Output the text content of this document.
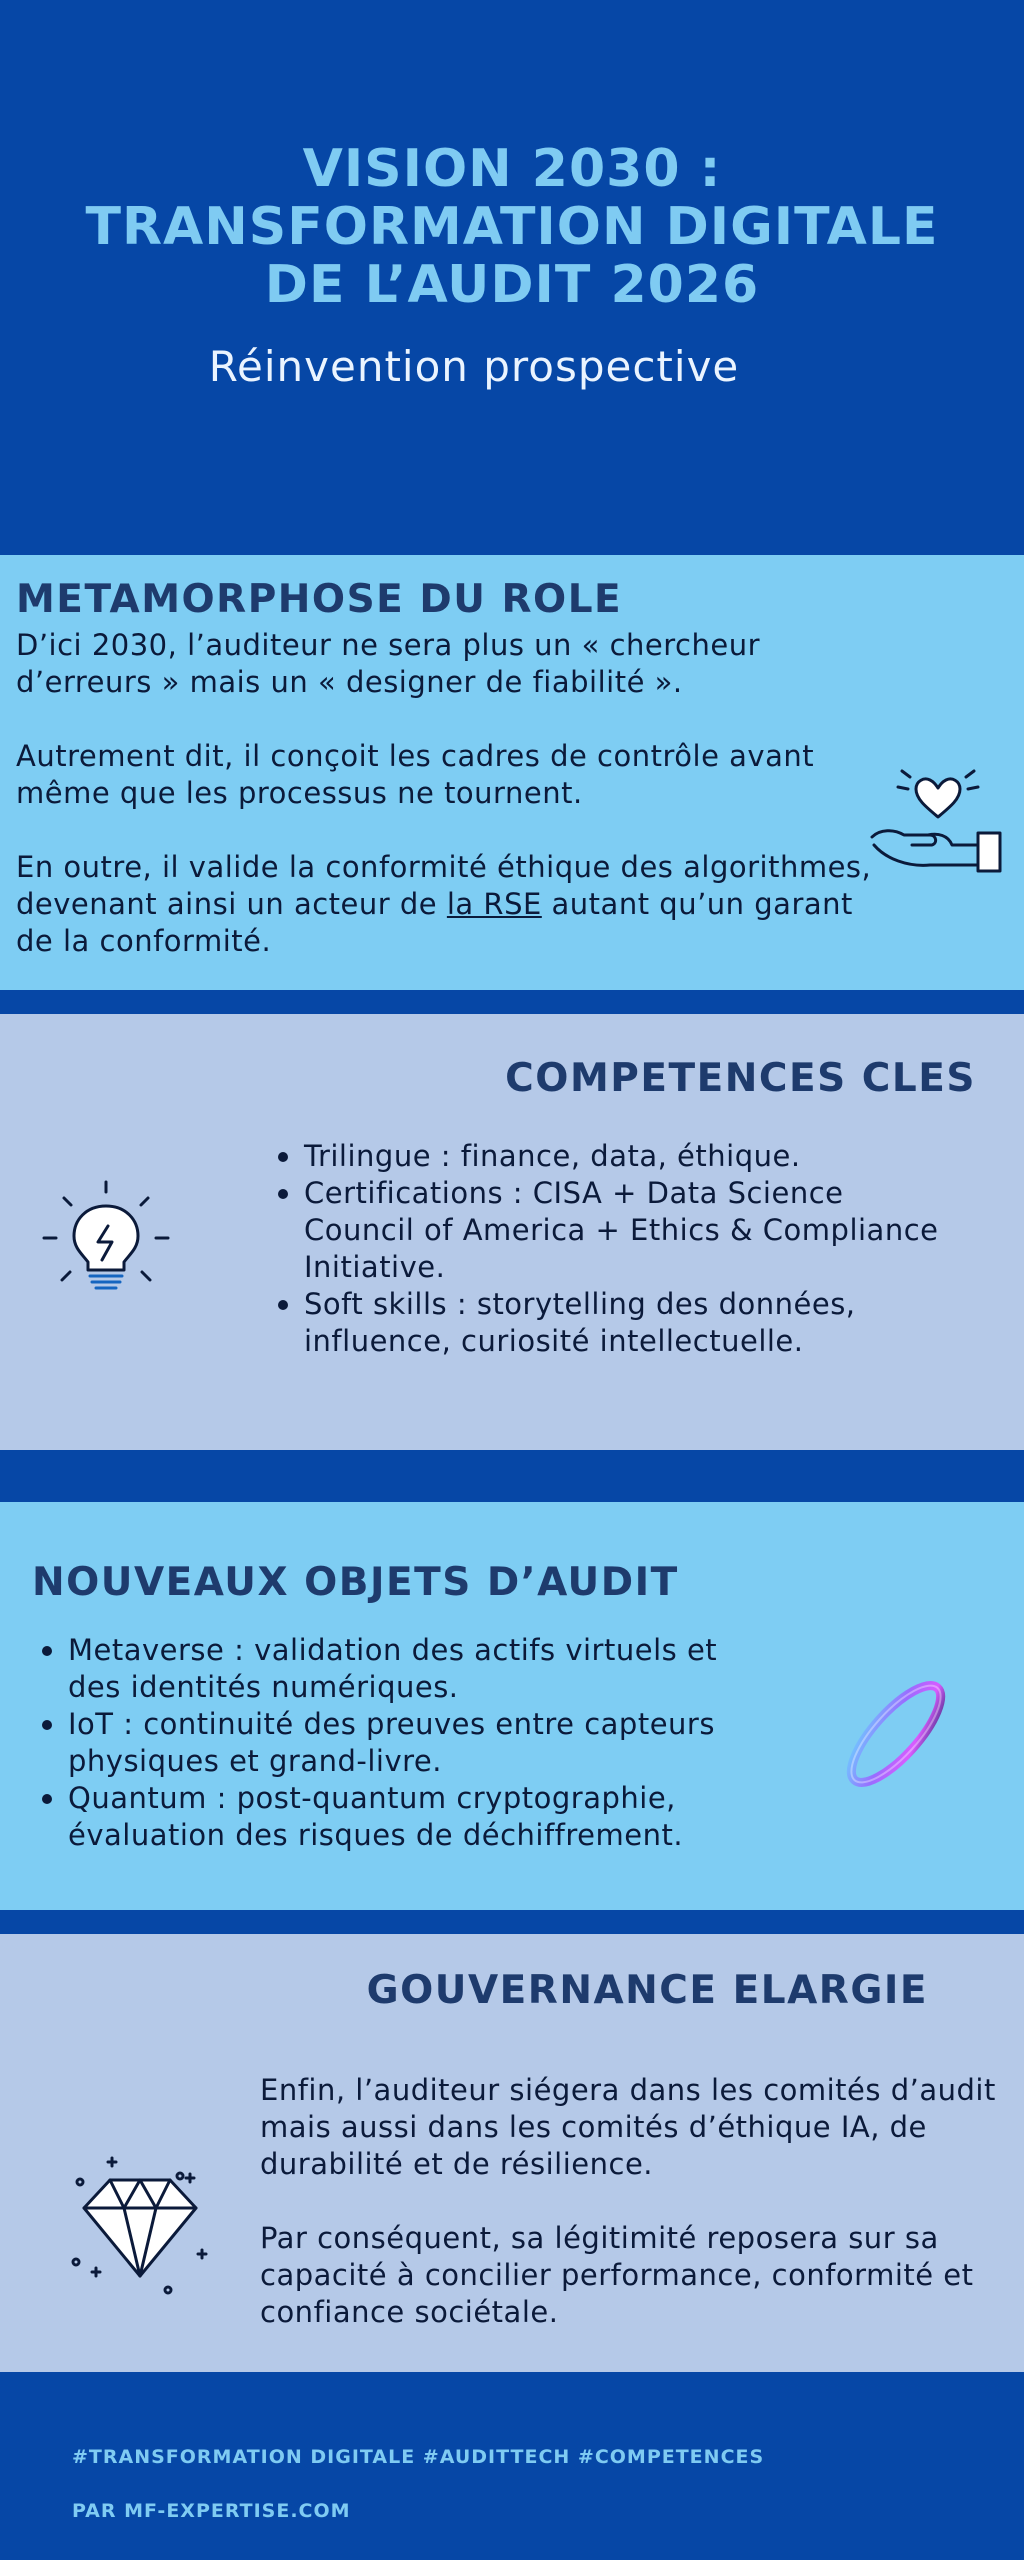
VISION 2030 :
TRANSFORMATION DIGITALE
DE L’AUDIT 2026
Réinvention prospective
METAMORPHOSE DU ROLE

D’ici 2030, l’auditeur ne sera plus un « chercheur d’erreurs » mais un « designer de fiabilité ».

Autrement dit, il conçoit les cadres de contrôle avant même que les processus ne tournent.

En outre, il valide la conformité éthique des algorithmes, devenant ainsi un acteur de la RSE autant qu’un garant de la conformité.

COMPETENCES CLES
Trilingue : finance, data, éthique.
Certifications : CISA + Data Science Council of America + Ethics & Compliance Initiative.
Soft skills : storytelling des données, influence, curiosité intellectuelle.
NOUVEAUX OBJETS D’AUDIT
Metaverse : validation des actifs virtuels et des identités numériques.
IoT : continuité des preuves entre capteurs physiques et grand-livre.
Quantum : post-quantum cryptographie, évaluation des risques de déchiffrement.
GOUVERNANCE ELARGIE

Enfin, l’auditeur siégera dans les comités d’audit mais aussi dans les comités d’éthique IA, de durabilité et de résilience.

Par conséquent, sa légitimité reposera sur sa capacité à concilier performance, conformité et confiance sociétale.

#TRANSFORMATION DIGITALE #AUDITTECH #COMPETENCES
PAR MF-EXPERTISE.COM
